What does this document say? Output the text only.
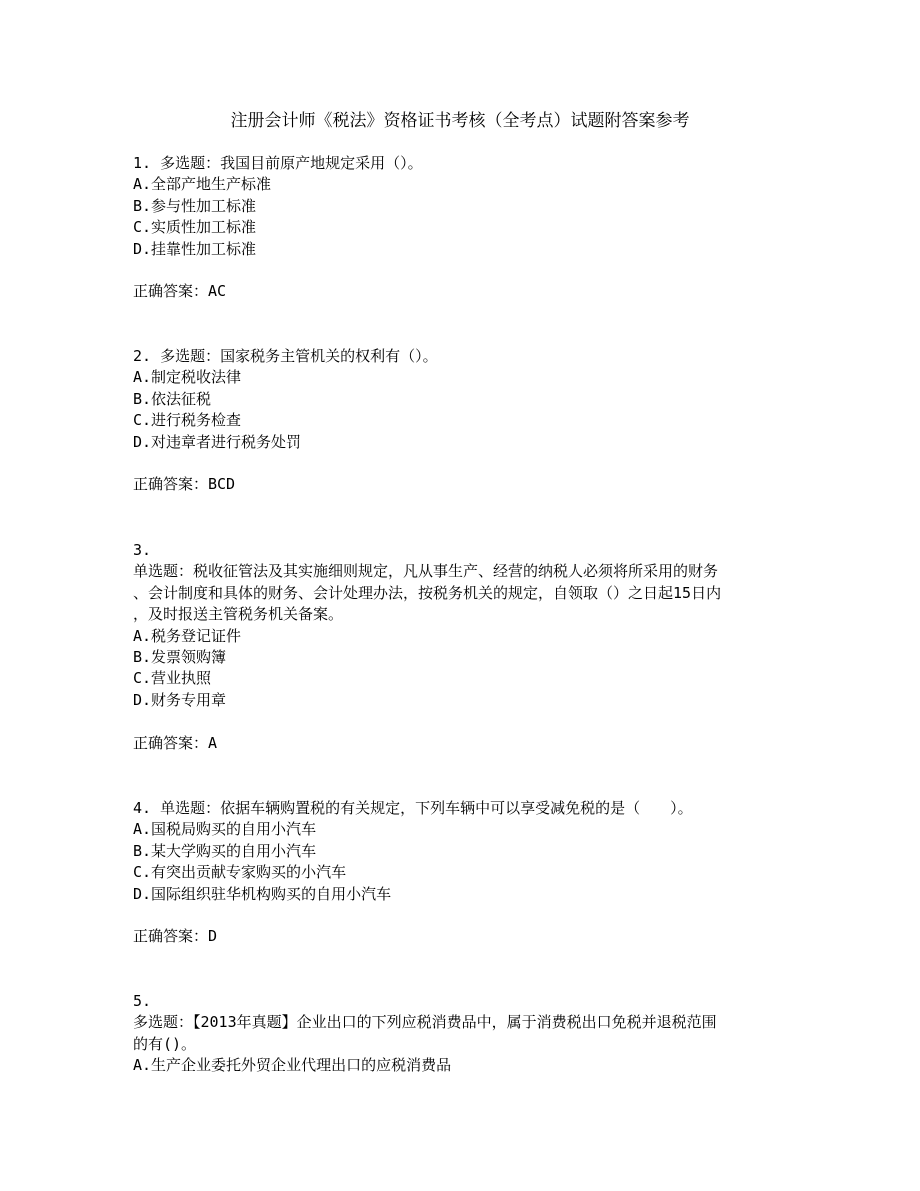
注册会计师《税法》资格证书考核（全考点）试题附答案参考
1. 多选题：我国目前原产地规定采用（）。
A.全部产地生产标准
B.参与性加工标准
C.实质性加工标准
D.挂靠性加工标准
正确答案：AC
2. 多选题：国家税务主管机关的权利有（）。
A.制定税收法律
B.依法征税
C.进行税务检查
D.对违章者进行税务处罚
正确答案：BCD
3.
单选题：税收征管法及其实施细则规定，凡从事生产、经营的纳税人必须将所采用的财务
、会计制度和具体的财务、会计处理办法，按税务机关的规定，自领取（）之日起15日内
，及时报送主管税务机关备案。
A.税务登记证件
B.发票领购簿
C.营业执照
D.财务专用章
正确答案：A
4. 单选题：依据车辆购置税的有关规定，下列车辆中可以享受减免税的是（　　）。
A.国税局购买的自用小汽车
B.某大学购买的自用小汽车
C.有突出贡献专家购买的小汽车
D.国际组织驻华机构购买的自用小汽车
正确答案：D
5.
多选题：【2013年真题】企业出口的下列应税消费品中，属于消费税出口免税并退税范围
的有()。
A.生产企业委托外贸企业代理出口的应税消费品
